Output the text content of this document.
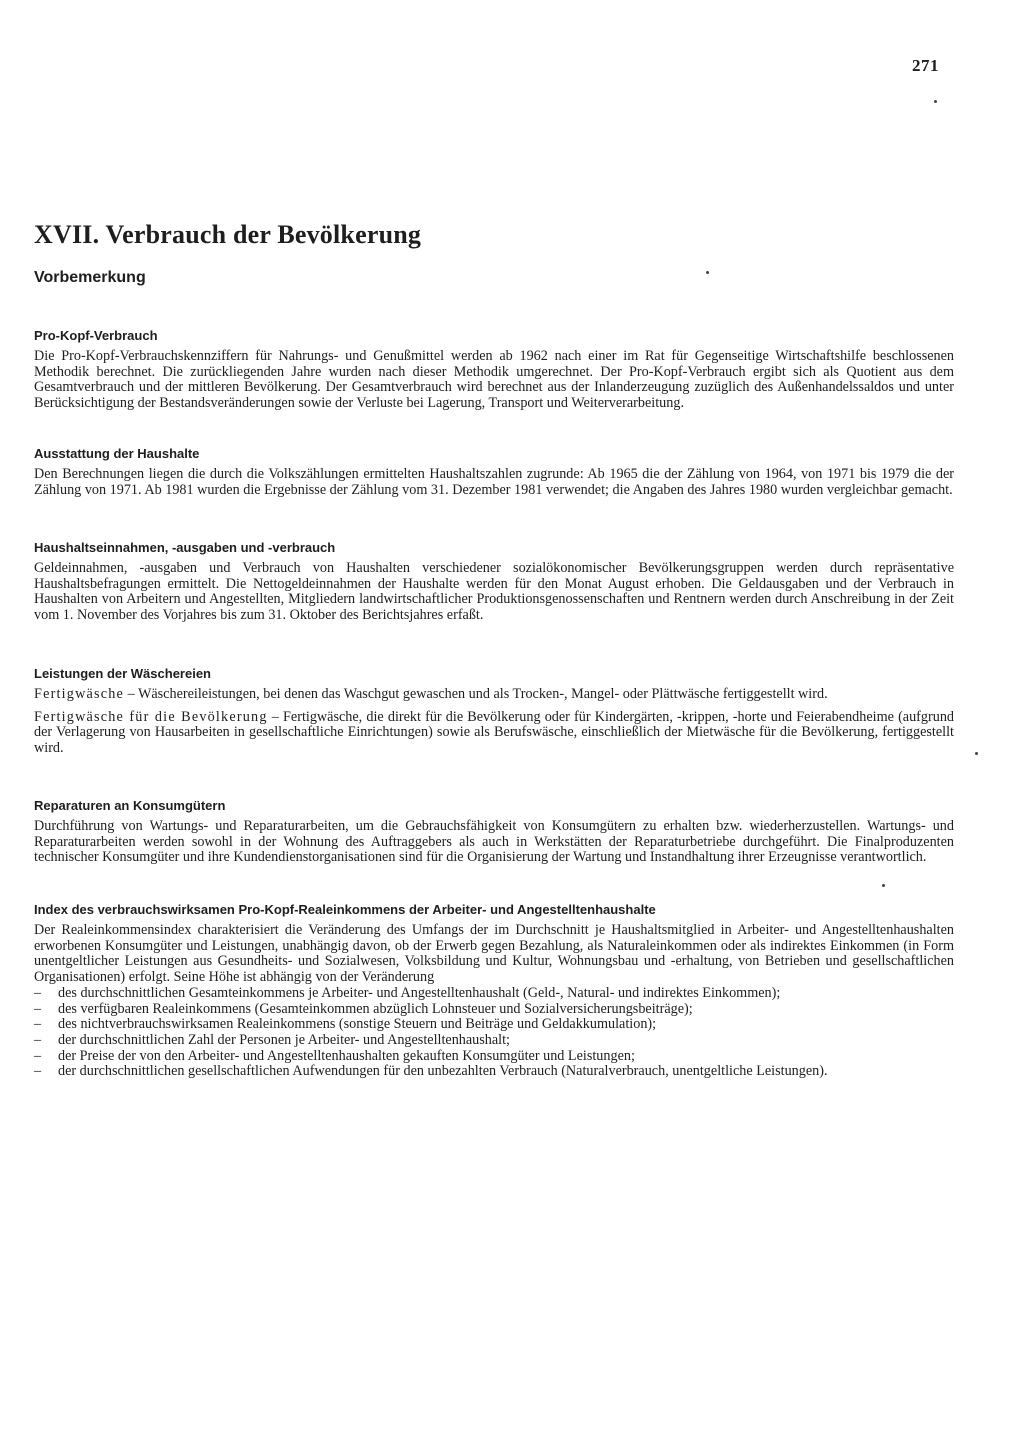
271
XVII. Verbrauch der Bevölkerung
Vorbemerkung
Pro-Kopf-Verbrauch

Die Pro-Kopf-Verbrauchskennziffern für Nahrungs- und Genußmittel werden ab 1962 nach einer im Rat für Gegenseitige Wirtschaftshilfe beschlossenen Methodik berechnet. Die zurückliegenden Jahre wurden nach dieser Methodik umgerechnet. Der Pro-Kopf-Verbrauch ergibt sich als Quotient aus dem Gesamtverbrauch und der mittleren Bevölkerung. Der Gesamtverbrauch wird berechnet aus der Inlanderzeugung zuzüglich des Außenhandelssaldos und unter Berücksichtigung der Bestandsveränderungen sowie der Verluste bei Lagerung, Transport und Weiterverarbeitung.

Ausstattung der Haushalte

Den Berechnungen liegen die durch die Volkszählungen ermittelten Haushaltszahlen zugrunde: Ab 1965 die der Zählung von 1964, von 1971 bis 1979 die der Zählung von 1971. Ab 1981 wurden die Ergebnisse der Zählung vom 31. Dezember 1981 verwendet; die Angaben des Jahres 1980 wurden vergleichbar gemacht.

Haushaltseinnahmen, -ausgaben und -verbrauch

Geldeinnahmen, -ausgaben und Verbrauch von Haushalten verschiedener sozialökonomischer Bevölkerungsgruppen werden durch repräsentative Haushaltsbefragungen ermittelt. Die Nettogeldeinnahmen der Haushalte werden für den Monat August erhoben. Die Geldausgaben und der Verbrauch in Haushalten von Arbeitern und Angestellten, Mitgliedern landwirtschaftlicher Produktionsgenossenschaften und Rentnern werden durch Anschreibung in der Zeit vom 1. November des Vorjahres bis zum 31. Oktober des Berichtsjahres erfaßt.

Leistungen der Wäschereien

Fertigwäsche – Wäschereileistungen, bei denen das Waschgut gewaschen und als Trocken-, Mangel- oder Plättwäsche fertiggestellt wird.

Fertigwäsche für die Bevölkerung – Fertigwäsche, die direkt für die Bevölkerung oder für Kindergärten, -krippen, -horte und Feierabendheime (aufgrund der Verlagerung von Hausarbeiten in gesellschaftliche Einrichtungen) sowie als Berufswäsche, einschließlich der Mietwäsche für die Bevölkerung, fertiggestellt wird.

Reparaturen an Konsumgütern

Durchführung von Wartungs- und Reparaturarbeiten, um die Gebrauchsfähigkeit von Konsumgütern zu erhalten bzw. wiederherzustellen. Wartungs- und Reparaturarbeiten werden sowohl in der Wohnung des Auftraggebers als auch in Werkstätten der Reparaturbetriebe durchgeführt. Die Finalproduzenten technischer Konsumgüter und ihre Kundendienstorganisationen sind für die Organisierung der Wartung und Instandhaltung ihrer Erzeugnisse verantwortlich.

Index des verbrauchswirksamen Pro-Kopf-Realeinkommens der Arbeiter- und Angestelltenhaushalte

Der Realeinkommensindex charakterisiert die Veränderung des Umfangs der im Durchschnitt je Haushaltsmitglied in Arbeiter- und Angestelltenhaushalten erworbenen Konsumgüter und Leistungen, unabhängig davon, ob der Erwerb gegen Bezahlung, als Naturaleinkommen oder als indirektes Einkommen (in Form unentgeltlicher Leistungen aus Gesundheits- und Sozialwesen, Volksbildung und Kultur, Wohnungsbau und -erhaltung, von Betrieben und gesellschaftlichen Organisationen) erfolgt. Seine Höhe ist abhängig von der Veränderung

– des durchschnittlichen Gesamteinkommens je Arbeiter- und Angestelltenhaushalt (Geld-, Natural- und indirektes Einkommen);
– des verfügbaren Realeinkommens (Gesamteinkommen abzüglich Lohnsteuer und Sozialversicherungsbeiträge);
– des nichtverbrauchswirksamen Realeinkommens (sonstige Steuern und Beiträge und Geldakkumulation);
– der durchschnittlichen Zahl der Personen je Arbeiter- und Angestelltenhaushalt;
– der Preise der von den Arbeiter- und Angestelltenhaushalten gekauften Konsumgüter und Leistungen;
– der durchschnittlichen gesellschaftlichen Aufwendungen für den unbezahlten Verbrauch (Naturalverbrauch, unentgeltliche Leistungen).
